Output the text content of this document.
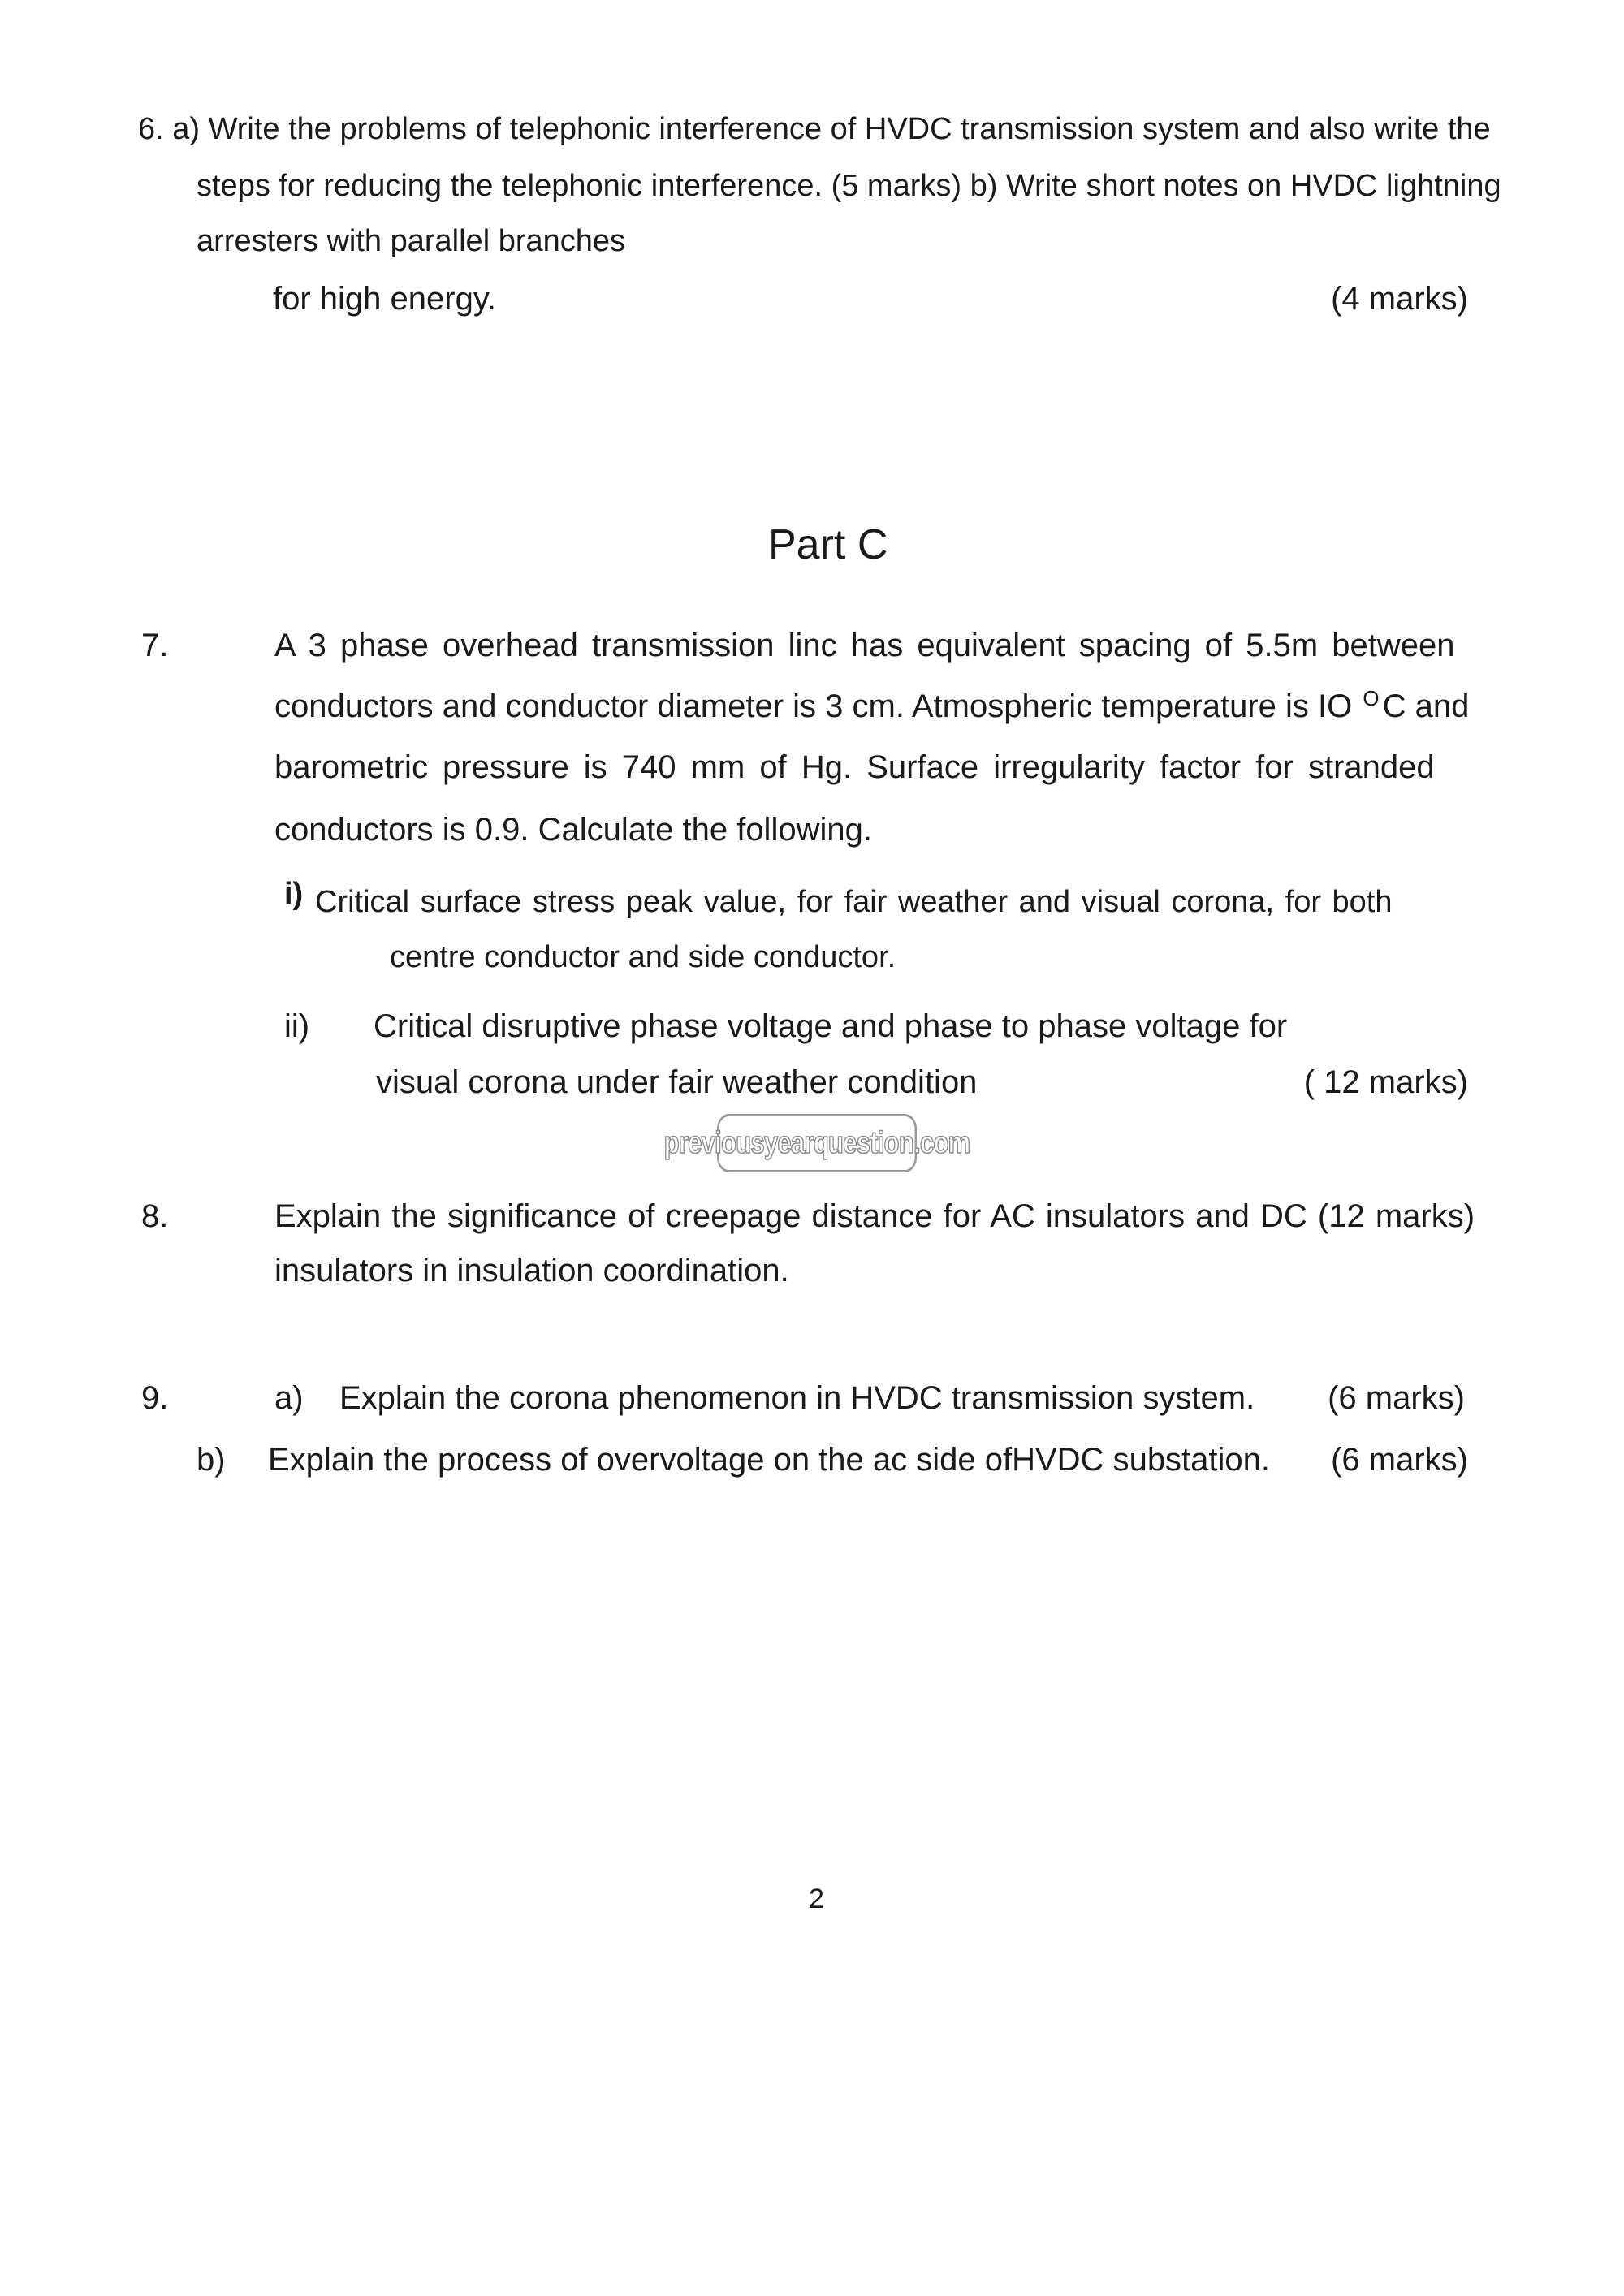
6. a) Write the problems of telephonic interference of HVDC transmission system and also write the
steps for reducing the telephonic interference. (5 marks) b) Write short notes on HVDC lightning
arresters with parallel branches
for high energy.	(4 marks)
Part C
7.	A 3 phase overhead transmission linc has equivalent spacing of 5.5m between
conductors and conductor diameter is 3 cm. Atmospheric temperature is IO $^O$ C and
barometric pressure is 740 mm of Hg. Surface irregularity factor for stranded
conductors is 0.9. Calculate the following.
i) Critical surface stress peak value, for fair weather and visual corona, for both
centre conductor and side conductor.
ii) Critical disruptive phase voltage and phase to phase voltage for
visual corona under fair weather condition	( 12 marks)
previousyearquestion.com
8.	Explain the significance of creepage distance for AC insulators and DC (12 marks)
insulators in insulation coordination.
9.	a) Explain the corona phenomenon in HVDC transmission system. (6 marks)
b) Explain the process of overvoltage on the ac side ofHVDC substation. (6 marks)
2
